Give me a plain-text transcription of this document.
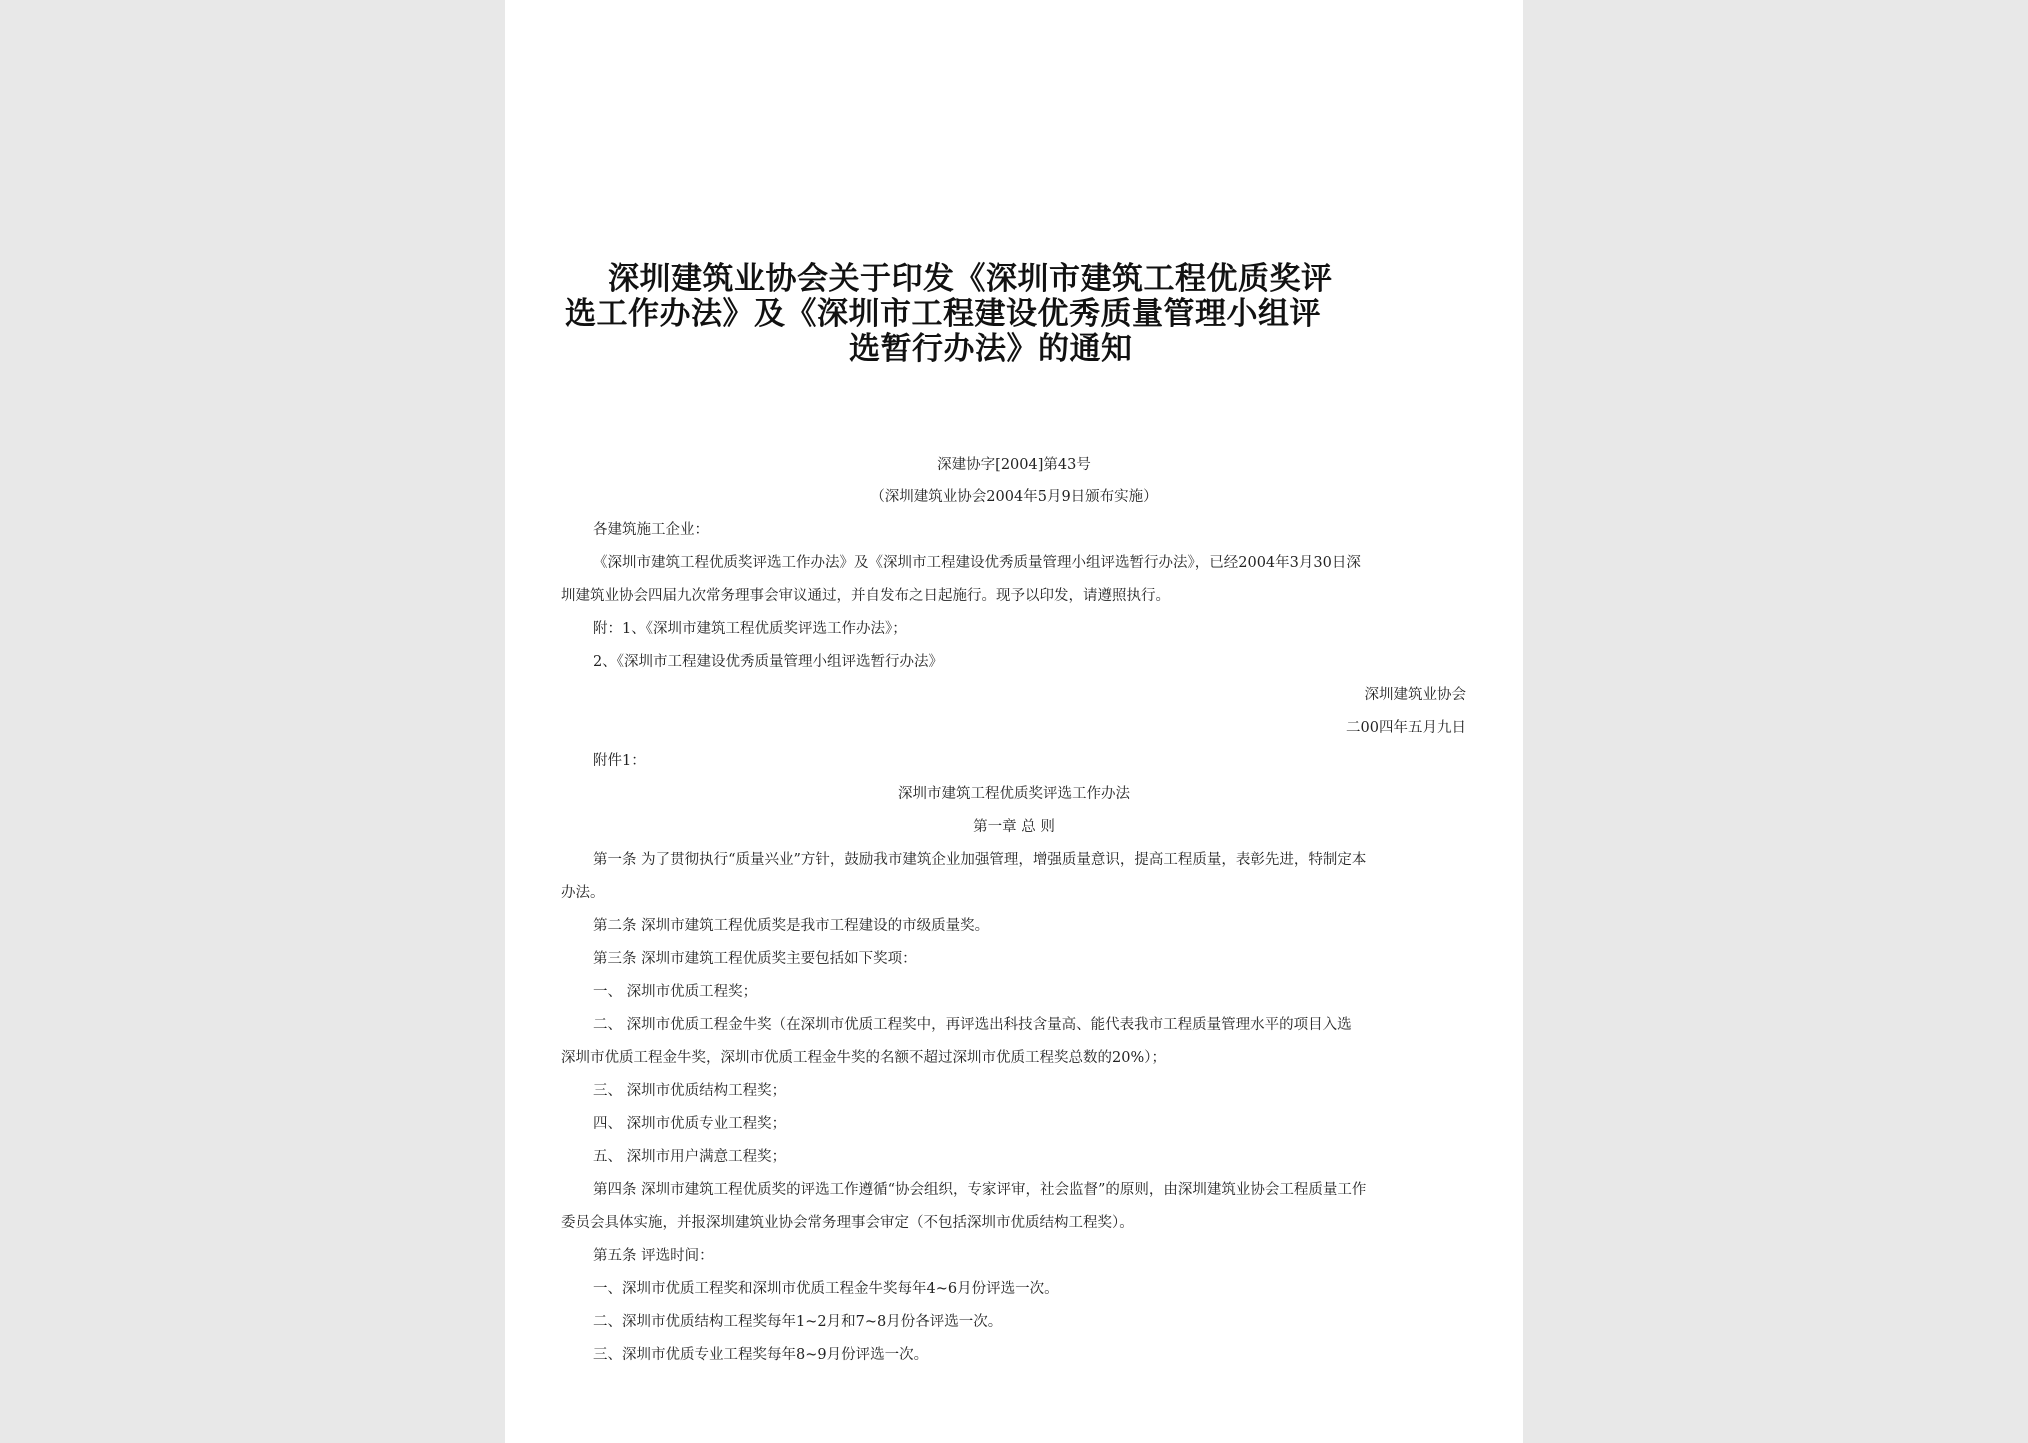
深圳建筑业协会关于印发《深圳市建筑工程优质奖评
选工作办法》及《深圳市工程建设优秀质量管理小组评
选暂行办法》的通知
深建协字[2004]第43号
（深圳建筑业协会2004年5月9日颁布实施）
各建筑施工企业：
《深圳市建筑工程优质奖评选工作办法》及《深圳市工程建设优秀质量管理小组评选暂行办法》，已经2004年3月30日深
圳建筑业协会四届九次常务理事会审议通过，并自发布之日起施行。现予以印发，请遵照执行。
附：1、《深圳市建筑工程优质奖评选工作办法》；
2、《深圳市工程建设优秀质量管理小组评选暂行办法》
深圳建筑业协会
二00四年五月九日
附件1：
深圳市建筑工程优质奖评选工作办法
第一章 总 则
第一条 为了贯彻执行“质量兴业”方针，鼓励我市建筑企业加强管理，增强质量意识，提高工程质量，表彰先进，特制定本
办法。
第二条 深圳市建筑工程优质奖是我市工程建设的市级质量奖。
第三条 深圳市建筑工程优质奖主要包括如下奖项：
一、 深圳市优质工程奖；
二、 深圳市优质工程金牛奖（在深圳市优质工程奖中，再评选出科技含量高、能代表我市工程质量管理水平的项目入选
深圳市优质工程金牛奖，深圳市优质工程金牛奖的名额不超过深圳市优质工程奖总数的20%）；
三、 深圳市优质结构工程奖；
四、 深圳市优质专业工程奖；
五、 深圳市用户满意工程奖；
第四条 深圳市建筑工程优质奖的评选工作遵循“协会组织，专家评审，社会监督”的原则，由深圳建筑业协会工程质量工作
委员会具体实施，并报深圳建筑业协会常务理事会审定（不包括深圳市优质结构工程奖）。
第五条 评选时间：
一、深圳市优质工程奖和深圳市优质工程金牛奖每年4~6月份评选一次。
二、深圳市优质结构工程奖每年1~2月和7~8月份各评选一次。
三、深圳市优质专业工程奖每年8~9月份评选一次。
